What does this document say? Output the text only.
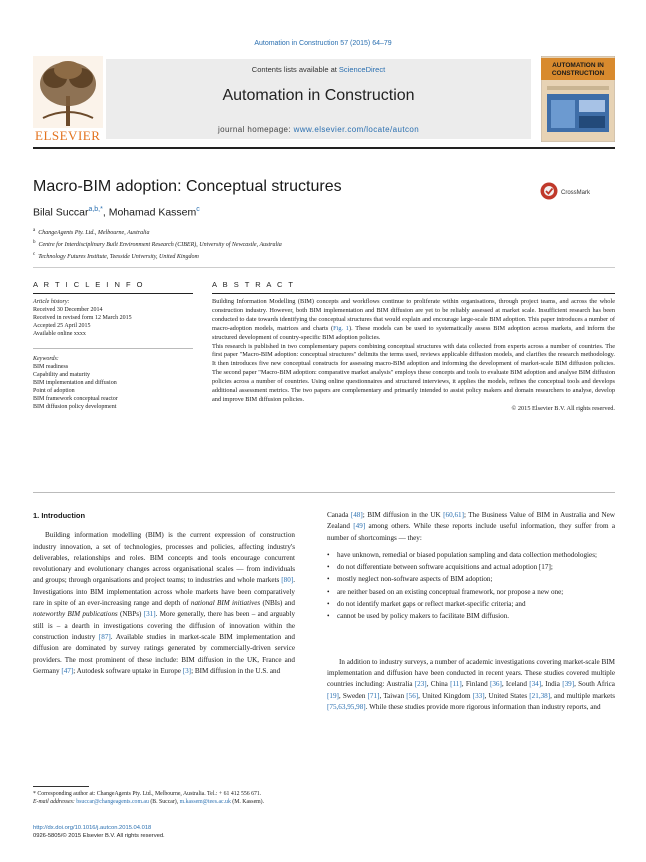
Automation in Construction 57 (2015) 64–79
ELSEVIER
Contents lists available at ScienceDirect
Automation in Construction
journal homepage: www.elsevier.com/locate/autcon
AUTOMATION IN
CONSTRUCTION
Macro-BIM adoption: Conceptual structures	CrossMark
Bilal Succar$^{a,b,*}$, Mohamad Kassem$^c$
$^a$ ChangeAgents Pty. Ltd., Melbourne, Australia
$^b$ Centre for Interdisciplinary Built Environment Research (CIBER), University of Newcastle, Australia
$^c$ Technology Futures Institute, Teesside University, United Kingdom
A R T I C L E I N F O	A B S T R A C T
Article history:
Received 30 December 2014
Received in revised form 12 March 2015
Accepted 25 April 2015
Available online xxxx
Keywords:
BIM readiness
Capability and maturity
BIM implementation and diffusion
Point of adoption
BIM framework conceptual reactor
BIM diffusion policy development

Building Information Modelling (BIM) concepts and workflows continue to proliferate within organisations, through project teams, and across the whole construction industry. However, both BIM implementation and BIM diffusion are yet to be reliably assessed at market scale. Insufficient research has been conducted to date towards identifying the conceptual structures that would explain and encourage large-scale BIM adoption. This paper introduces a number of macro-adoption models, matrices and charts (Fig. 1). These models can be used to systematically assess BIM adoption across markets, and inform the structured development of country-specific BIM adoption policies.

This research is published in two complementary papers combining conceptual structures with data collected from experts across a number of countries. The first paper "Macro-BIM adoption: conceptual structures" delimits the terms used, reviews applicable diffusion models, and clarifies the research methodology. It then introduces five new conceptual constructs for assessing macro-BIM adoption and informing the development of market-scale BIM diffusion policies. The second paper "Macro-BIM adoption: comparative market analysis" employs these concepts and tools to evaluate BIM adoption and analyse BIM diffusion policies across a number of countries. Using online questionnaires and structured interviews, it applies the models, refines the conceptual tools and develops additional assessment metrics. The two papers are complementary and primarily intended to assist policy makers and domain researchers to analyse, develop and improve BIM diffusion policies.

© 2015 Elsevier B.V. All rights reserved.

1. Introduction

Building information modelling (BIM) is the current expression of construction industry innovation, a set of technologies, processes and policies, affecting industry's deliverables, relationships and roles. BIM concepts and tools encourage concurrent revolutionary and evolutionary changes across organisational scales — from individuals and groups; through organisations and project teams; to industries and whole markets [80]. Investigations into BIM implementation across whole markets have been comparatively rare in spite of an ever-increasing range and depth of national BIM initiatives (NBIs) and noteworthy BIM publications (NBPs) [31]. More generally, there has been – and arguably still is – a dearth in investigations covering the diffusion of innovation within the construction industry [87]. Available studies in market-scale BIM implementation and diffusion are dominated by survey ratings generated by commercially-driven service providers. The most prominent of these include: BIM diffusion in the UK, France and Germany [47]; Autodesk software uptake in Europe [3]; BIM diffusion in the U.S. and

Canada [48]; BIM diffusion in the UK [60,61]; The Business Value of BIM in Australia and New Zealand [49] among others. While these reports include useful information, they suffer from a number of shortcomings — they:

• have unknown, remedial or biased population sampling and data collection methodologies;
• do not differentiate between software acquisitions and actual adoption [17];
• mostly neglect non-software aspects of BIM adoption;
• are neither based on an existing conceptual framework, nor propose a new one;
• do not identify market gaps or reflect market-specific criteria; and
• cannot be used by policy makers to facilitate BIM diffusion.

In addition to industry surveys, a number of academic investigations covering market-scale BIM implementation and diffusion have been conducted in recent years. These studies covered multiple countries including: Australia [23], China [11], Finland [36], Iceland [34], India [39], South Africa [19], Sweden [71], Taiwan [56], United Kingdom [33], United States [21,38], and multiple markets [75,63,95,98]. While these studies provide more rigorous information than industry reports, and

* Corresponding author at: ChangeAgents Pty. Ltd., Melbourne, Australia. Tel.: + 61 412 556 671.

E-mail addresses: bsuccar@changeagents.com.au (B. Succar), m.kassem@tees.ac.uk (M. Kassem).

http://dx.doi.org/10.1016/j.autcon.2015.04.018
0926-5805/© 2015 Elsevier B.V. All rights reserved.
